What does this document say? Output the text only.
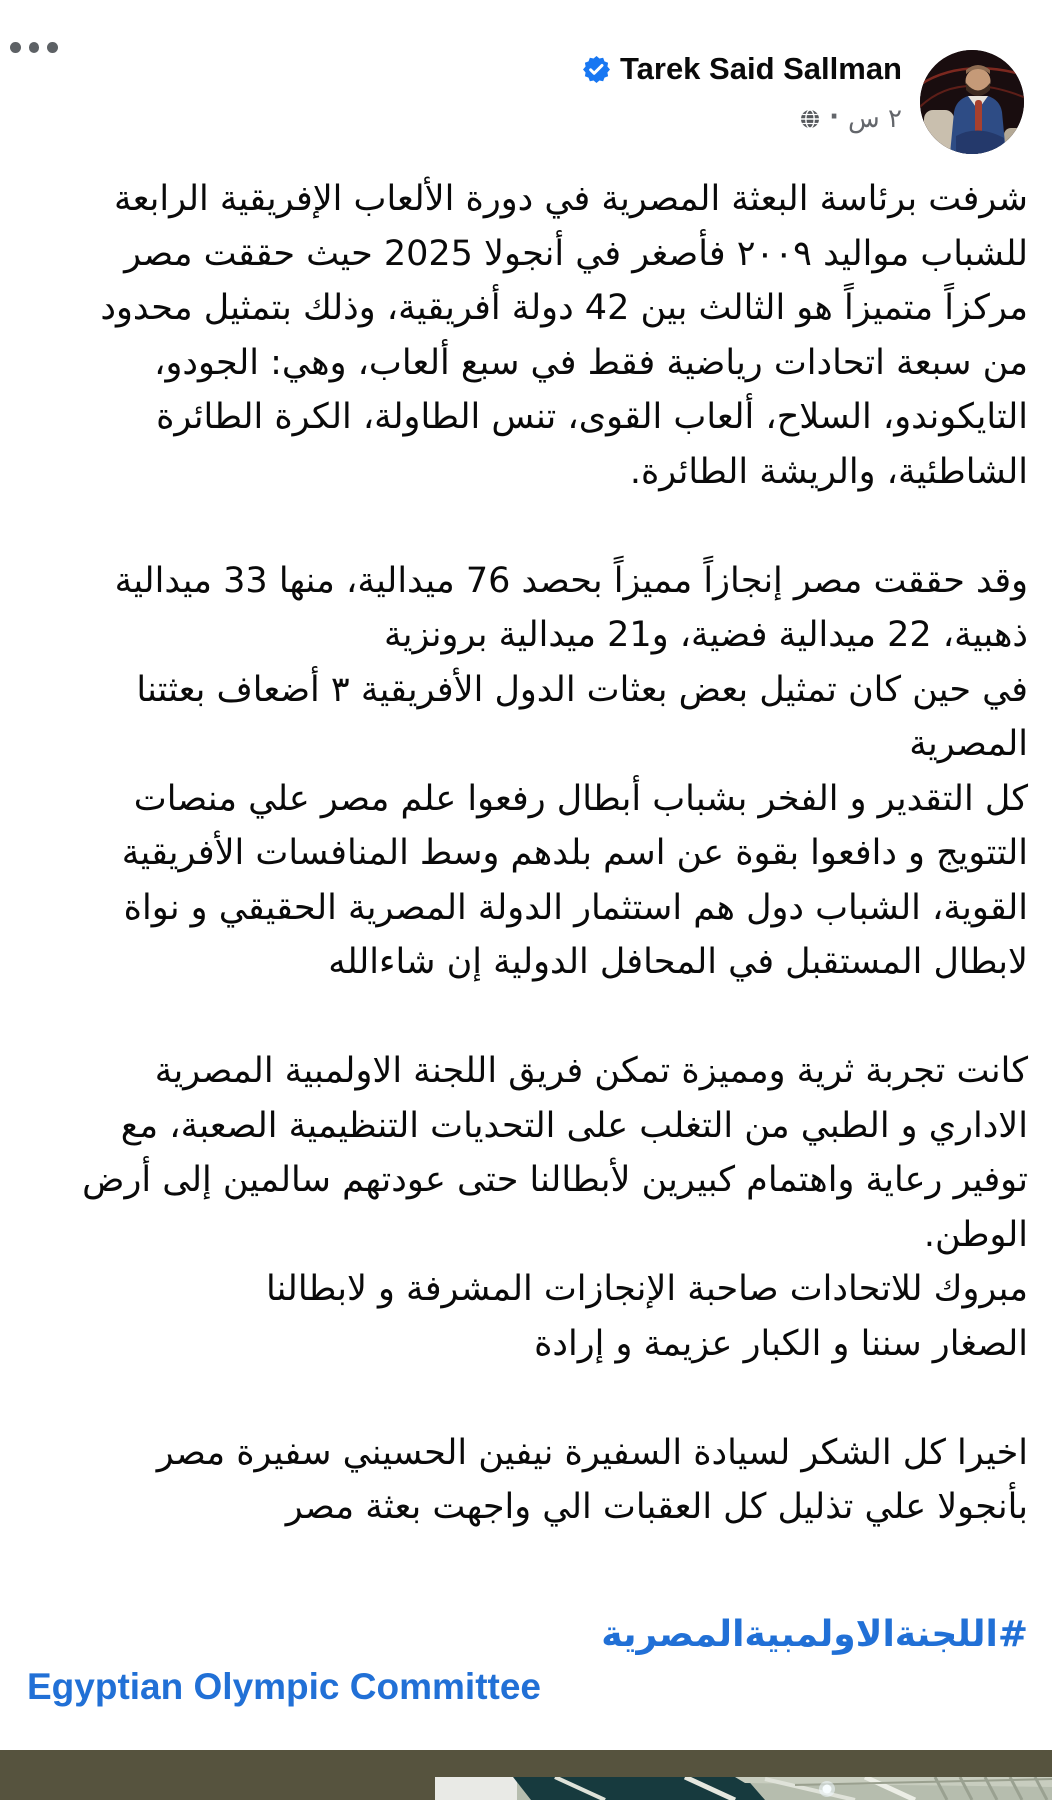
Tarek Said Sallman
٢ س
·
شرفت برئاسة البعثة المصرية في دورة الألعاب الإفريقية الرابعة
للشباب مواليد ٢٠٠٩ فأصغر في أنجولا 2025 حيث حققت مصر
مركزاً متميزاً هو الثالث بين 42 دولة أفريقية، وذلك بتمثيل محدود
من سبعة اتحادات رياضية فقط في سبع ألعاب، وهي: الجودو،
التايكوندو، السلاح، ألعاب القوى، تنس الطاولة، الكرة الطائرة
الشاطئية، والريشة الطائرة.
وقد حققت مصر إنجازاً مميزاً بحصد 76 ميدالية، منها 33 ميدالية
ذهبية، 22 ميدالية فضية، و21 ميدالية برونزية
في حين كان تمثيل بعض بعثات الدول الأفريقية ٣ أضعاف بعثتنا
المصرية
كل التقدير و الفخر بشباب أبطال رفعوا علم مصر علي منصات
التتويج و دافعوا بقوة عن اسم بلدهم وسط المنافسات الأفريقية
القوية، الشباب دول هم استثمار الدولة المصرية الحقيقي و نواة
لابطال المستقبل في المحافل الدولية إن شاءالله
كانت تجربة ثرية ومميزة تمكن فريق اللجنة الاولمبية المصرية
الاداري و الطبي من التغلب على التحديات التنظيمية الصعبة، مع
توفير رعاية واهتمام كبيرين لأبطالنا حتى عودتهم سالمين إلى أرض
الوطن.
مبروك للاتحادات صاحبة الإنجازات المشرفة و لابطالنا
الصغار سننا و الكبار عزيمة و إرادة
اخيرا كل الشكر لسيادة السفيرة نيفين الحسيني سفيرة مصر
بأنجولا علي تذليل كل العقبات الي واجهت بعثة مصر
#اللجنةالاولمبيةالمصرية
Egyptian Olympic Committee
